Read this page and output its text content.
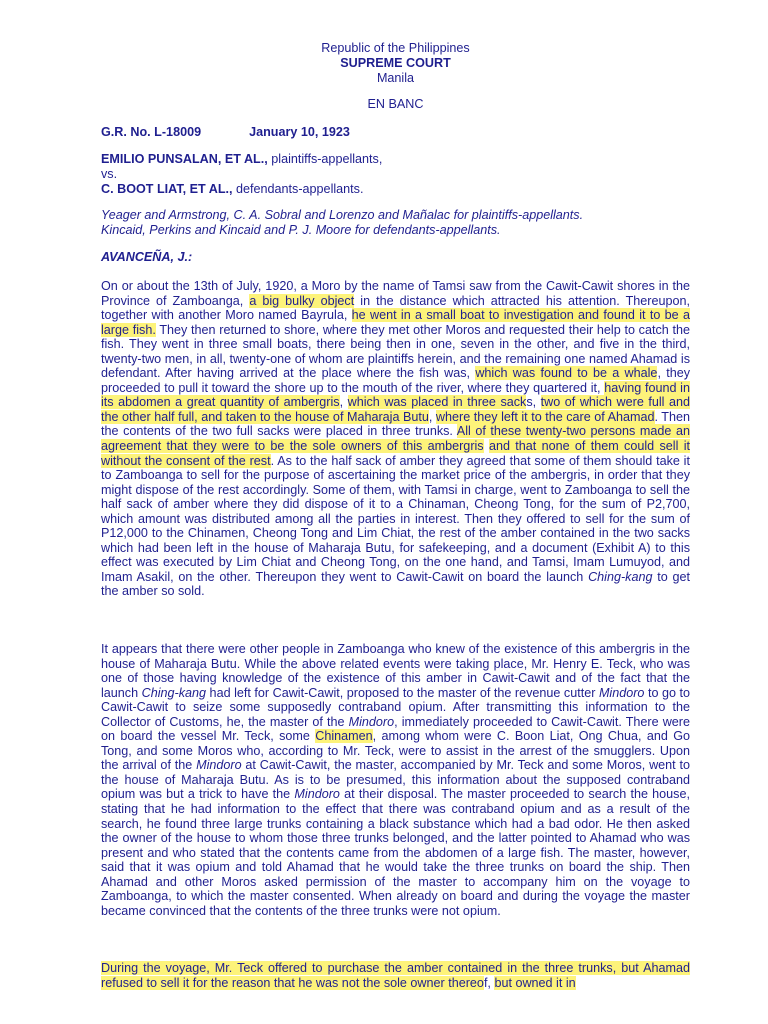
Republic of the Philippines
SUPREME COURT
Manila
EN BANC
G.R. No. L-18009	January 10, 1923

EMILIO PUNSALAN, ET AL., plaintiffs-appellants,

vs.

C. BOOT LIAT, ET AL., defendants-appellants.

Yeager and Armstrong, C. A. Sobral and Lorenzo and Mañalac for plaintiffs-appellants.

Kincaid, Perkins and Kincaid and P. J. Moore for defendants-appellants.

AVANCEÑA, J.:

On or about the 13th of July, 1920, a Moro by the name of Tamsi saw from the Cawit-Cawit shores in the Province of Zamboanga, a big bulky object in the distance which attracted his attention. Thereupon, together with another Moro named Bayrula, he went in a small boat to investigation and found it to be a large fish. They then returned to shore, where they met other Moros and requested their help to catch the fish. They went in three small boats, there being then in one, seven in the other, and five in the third, twenty-two men, in all, twenty-one of whom are plaintiffs herein, and the remaining one named Ahamad is defendant. After having arrived at the place where the fish was, which was found to be a whale, they proceeded to pull it toward the shore up to the mouth of the river, where they quartered it, having found in its abdomen a great quantity of ambergris, which was placed in three sacks, two of which were full and the other half full, and taken to the house of Maharaja Butu, where they left it to the care of Ahamad. Then the contents of the two full sacks were placed in three trunks. All of these twenty-two persons made an agreement that they were to be the sole owners of this ambergris and that none of them could sell it without the consent of the rest. As to the half sack of amber they agreed that some of them should take it to Zamboanga to sell for the purpose of ascertaining the market price of the ambergris, in order that they might dispose of the rest accordingly. Some of them, with Tamsi in charge, went to Zamboanga to sell the half sack of amber where they did dispose of it to a Chinaman, Cheong Tong, for the sum of P2,700, which amount was distributed among all the parties in interest. Then they offered to sell for the sum of P12,000 to the Chinamen, Cheong Tong and Lim Chiat, the rest of the amber contained in the two sacks which had been left in the house of Maharaja Butu, for safekeeping, and a document (Exhibit A) to this effect was executed by Lim Chiat and Cheong Tong, on the one hand, and Tamsi, Imam Lumuyod, and Imam Asakil, on the other. Thereupon they went to Cawit-Cawit on board the launch Ching-kang to get the amber so sold.

It appears that there were other people in Zamboanga who knew of the existence of this ambergris in the house of Maharaja Butu. While the above related events were taking place, Mr. Henry E. Teck, who was one of those having knowledge of the existence of this amber in Cawit-Cawit and of the fact that the launch Ching-kang had left for Cawit-Cawit, proposed to the master of the revenue cutter Mindoro to go to Cawit-Cawit to seize some supposedly contraband opium. After transmitting this information to the Collector of Customs, he, the master of the Mindoro, immediately proceeded to Cawit-Cawit. There were on board the vessel Mr. Teck, some Chinamen, among whom were C. Boon Liat, Ong Chua, and Go Tong, and some Moros who, according to Mr. Teck, were to assist in the arrest of the smugglers. Upon the arrival of the Mindoro at Cawit-Cawit, the master, accompanied by Mr. Teck and some Moros, went to the house of Maharaja Butu. As is to be presumed, this information about the supposed contraband opium was but a trick to have the Mindoro at their disposal. The master proceeded to search the house, stating that he had information to the effect that there was contraband opium and as a result of the search, he found three large trunks containing a black substance which had a bad odor. He then asked the owner of the house to whom those three trunks belonged, and the latter pointed to Ahamad who was present and who stated that the contents came from the abdomen of a large fish. The master, however, said that it was opium and told Ahamad that he would take the three trunks on board the ship. Then Ahamad and other Moros asked permission of the master to accompany him on the voyage to Zamboanga, to which the master consented. When already on board and during the voyage the master became convinced that the contents of the three trunks were not opium.

During the voyage, Mr. Teck offered to purchase the amber contained in the three trunks, but Ahamad refused to sell it for the reason that he was not the sole owner thereof, but owned it in
